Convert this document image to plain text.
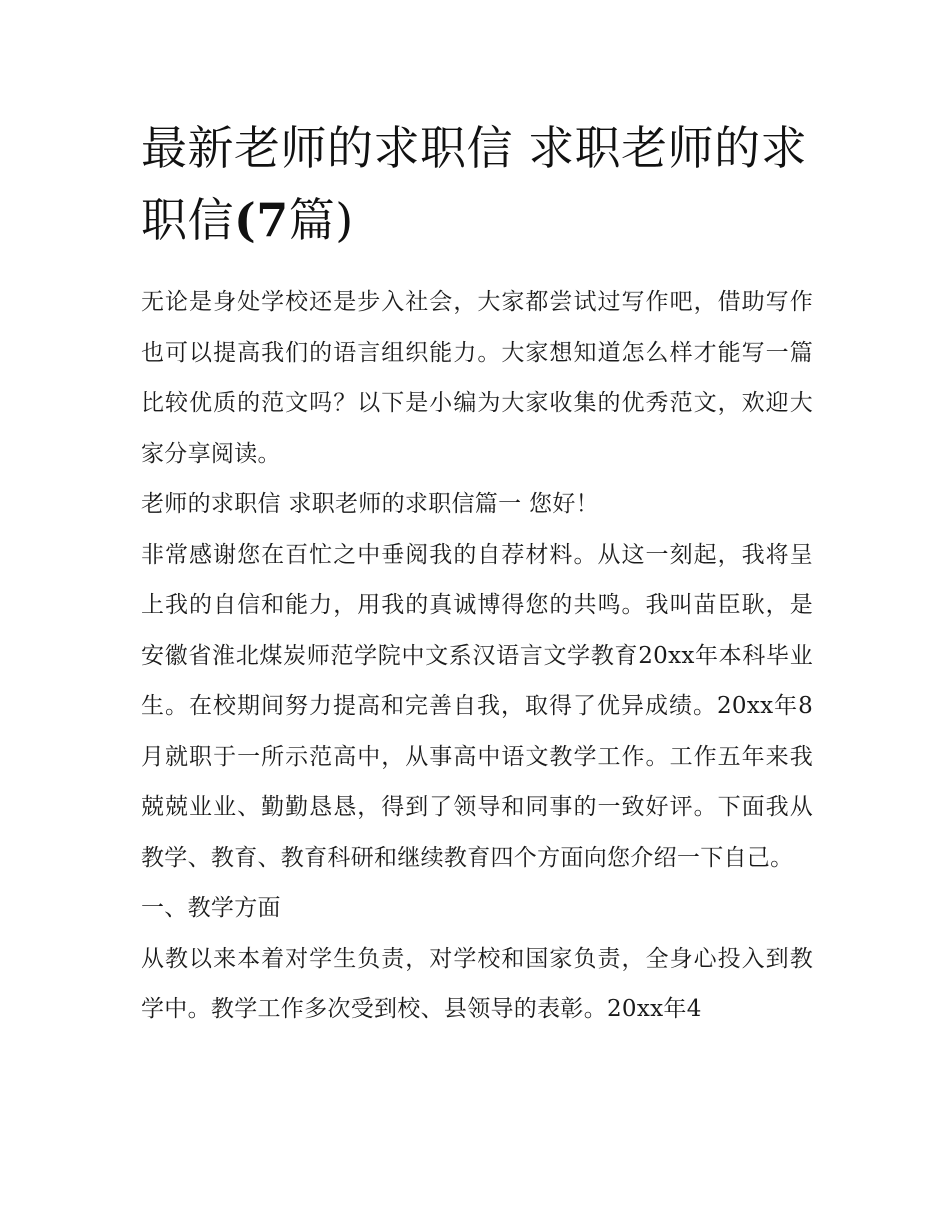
最新老师的求职信 求职老师的求职信(7篇)

无论是身处学校还是步入社会，大家都尝试过写作吧，借助写作也可以提高我们的语言组织能力。大家想知道怎么样才能写一篇比较优质的范文吗？以下是小编为大家收集的优秀范文，欢迎大家分享阅读。

老师的求职信 求职老师的求职信篇一 您好！

非常感谢您在百忙之中垂阅我的自荐材料。从这一刻起，我将呈上我的自信和能力，用我的真诚博得您的共鸣。我叫苗臣耿，是安徽省淮北煤炭师范学院中文系汉语言文学教育20xx年本科毕业生。在校期间努力提高和完善自我，取得了优异成绩。20xx年8月就职于一所示范高中，从事高中语文教学工作。工作五年来我兢兢业业、勤勤恳恳，得到了领导和同事的一致好评。下面我从教学、教育、教育科研和继续教育四个方面向您介绍一下自己。

一、教学方面

从教以来本着对学生负责，对学校和国家负责，全身心投入到教学中。教学工作多次受到校、县领导的表彰。20xx年4
